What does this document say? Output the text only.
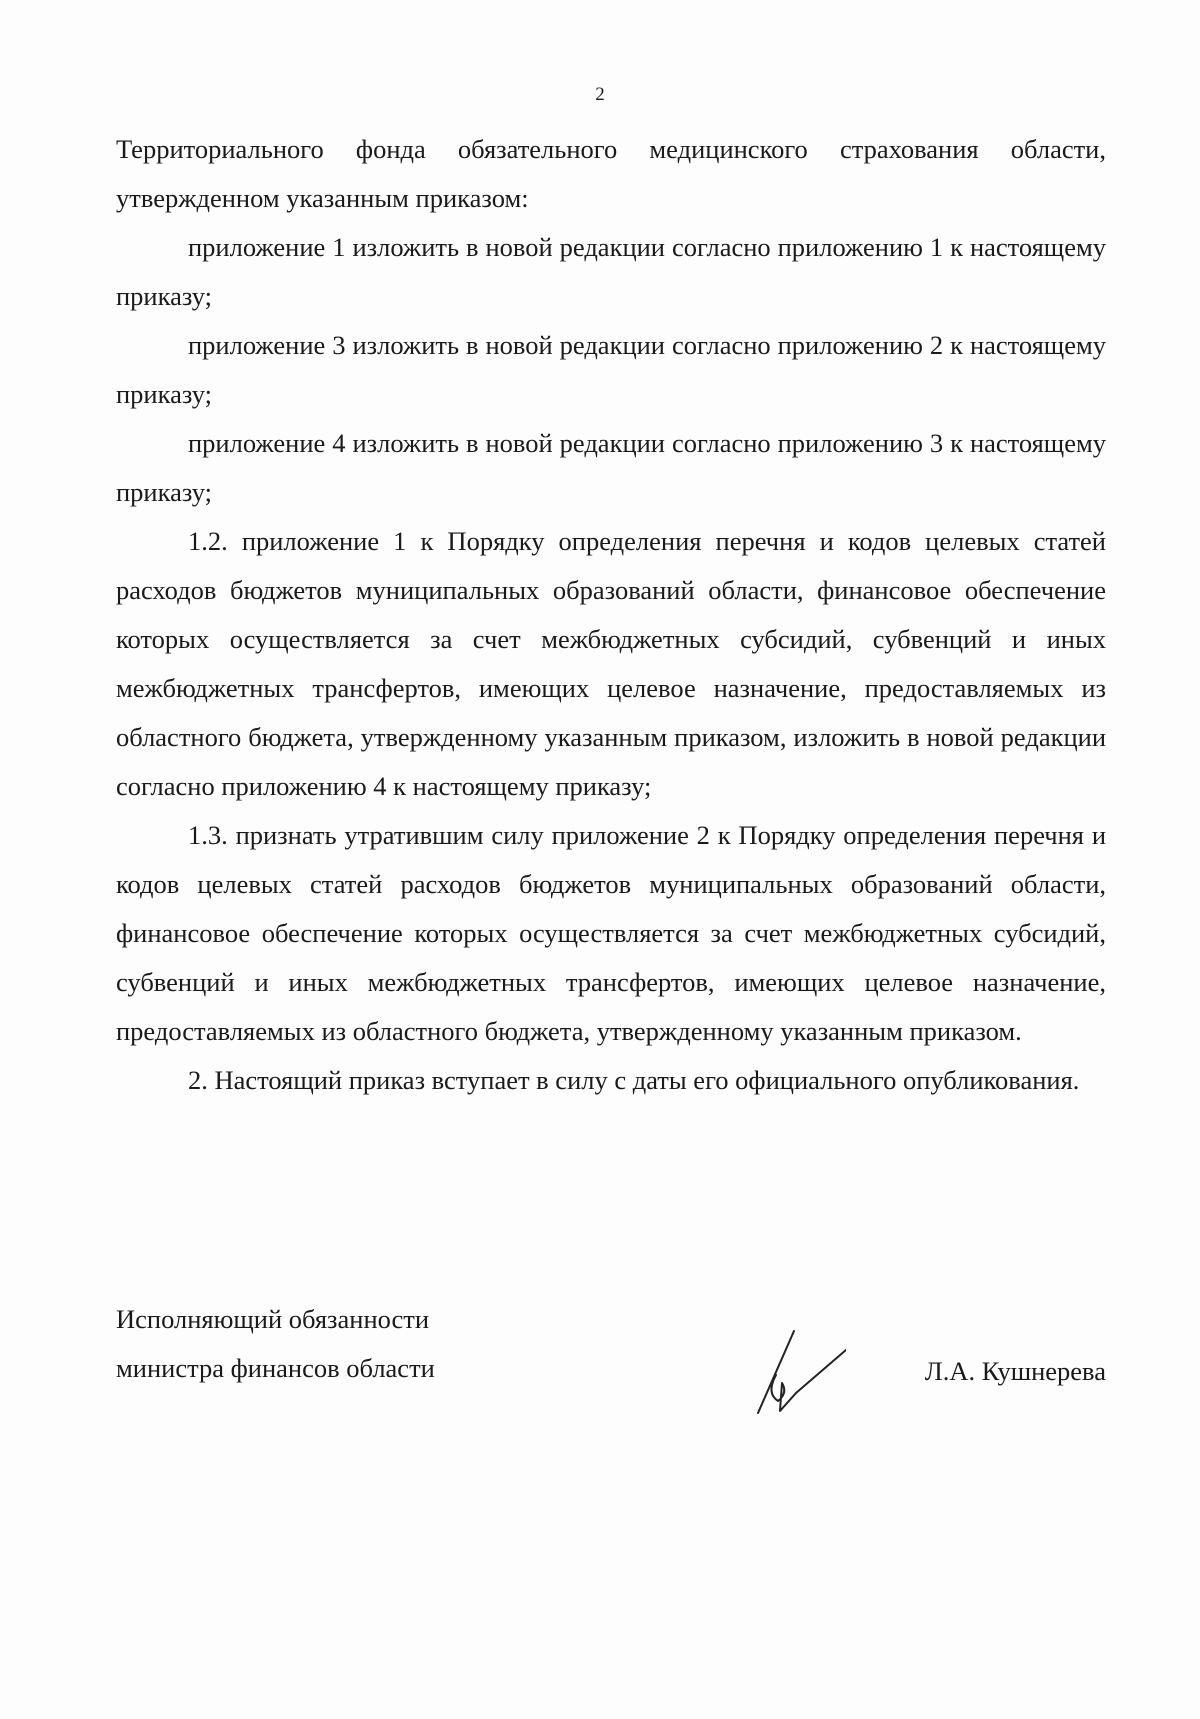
2

Территориального фонда обязательного медицинского страхования области, утвержденном указанным приказом:

приложение 1 изложить в новой редакции согласно приложению 1 к настоящему приказу;

приложение 3 изложить в новой редакции согласно приложению 2 к настоящему приказу;

приложение 4 изложить в новой редакции согласно приложению 3 к настоящему приказу;

1.2. приложение 1 к Порядку определения перечня и кодов целевых статей расходов бюджетов муниципальных образований области, финансовое обеспечение которых осуществляется за счет межбюджетных субсидий, субвенций и иных межбюджетных трансфертов, имеющих целевое назначение, предоставляемых из областного бюджета, утвержденному указанным приказом, изложить в новой редакции согласно приложению 4 к настоящему приказу;

1.3. признать утратившим силу приложение 2 к Порядку определения перечня и кодов целевых статей расходов бюджетов муниципальных образований области, финансовое обеспечение которых осуществляется за счет межбюджетных субсидий, субвенций и иных межбюджетных трансфертов, имеющих целевое назначение, предоставляемых из областного бюджета, утвержденному указанным приказом.

2. Настоящий приказ вступает в силу с даты его официального опубликования.

Исполняющий обязанности
министра финансов области	Л.А. Кушнерева
